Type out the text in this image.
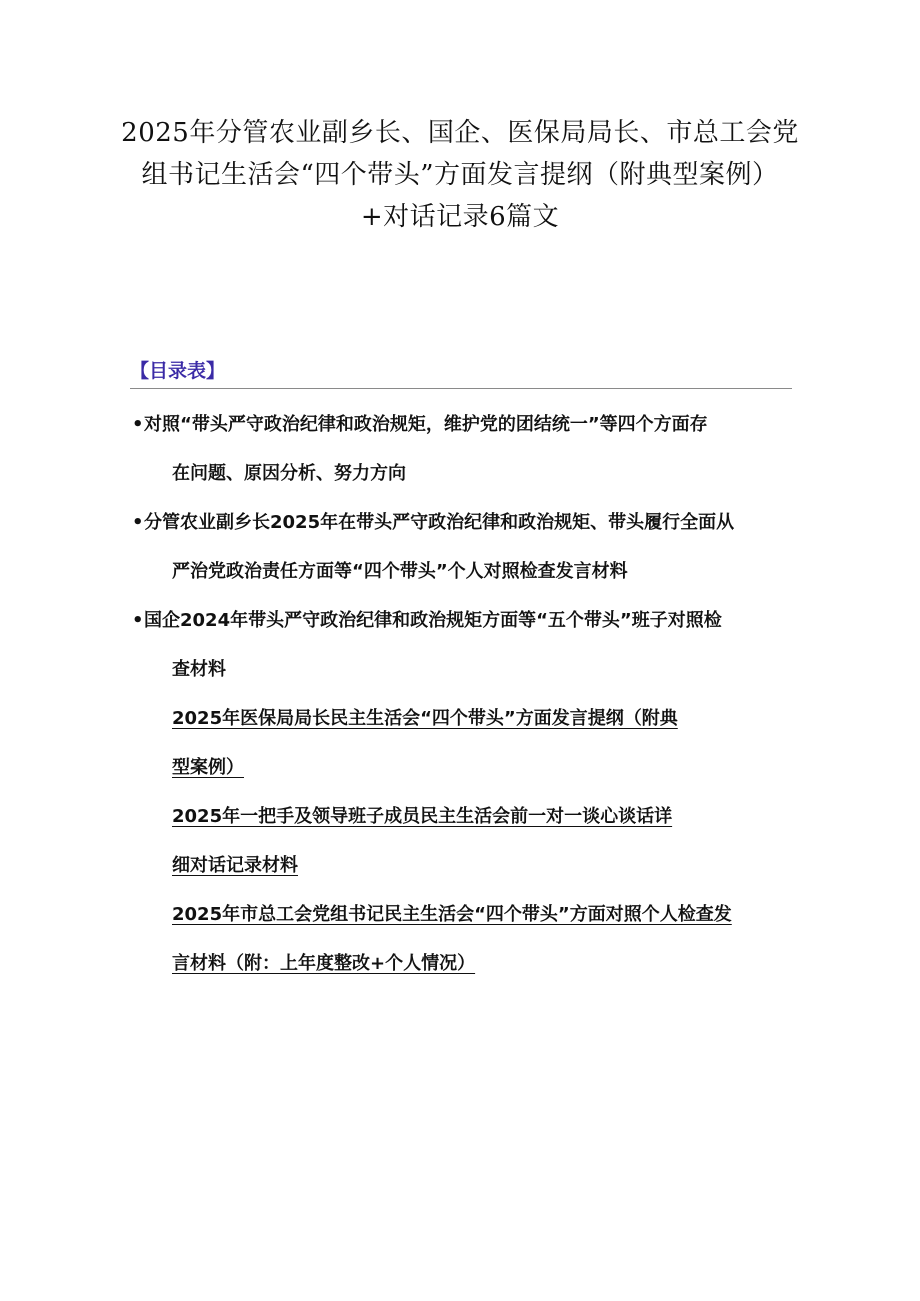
2025年分管农业副乡长、国企、医保局局长、市总工会党组书记生活会“四个带头”方面发言提纲（附典型案例）+对话记录6篇文
【目录表】
• 对照“带头严守政治纪律和政治规矩，维护党的团结统一”等四个方面存
在问题、原因分析、努力方向
• 分管农业副乡长2025年在带头严守政治纪律和政治规矩、带头履行全面从
严治党政治责任方面等“四个带头”个人对照检查发言材料
• 国企2024年带头严守政治纪律和政治规矩方面等“五个带头”班子对照检
查材料
2025年医保局局长民主生活会“四个带头”方面发言提纲（附典
型案例）
2025年一把手及领导班子成员民主生活会前一对一谈心谈话详
细对话记录材料
2025年市总工会党组书记民主生活会“四个带头”方面对照个人检查发
言材料（附：上年度整改+个人情况）
